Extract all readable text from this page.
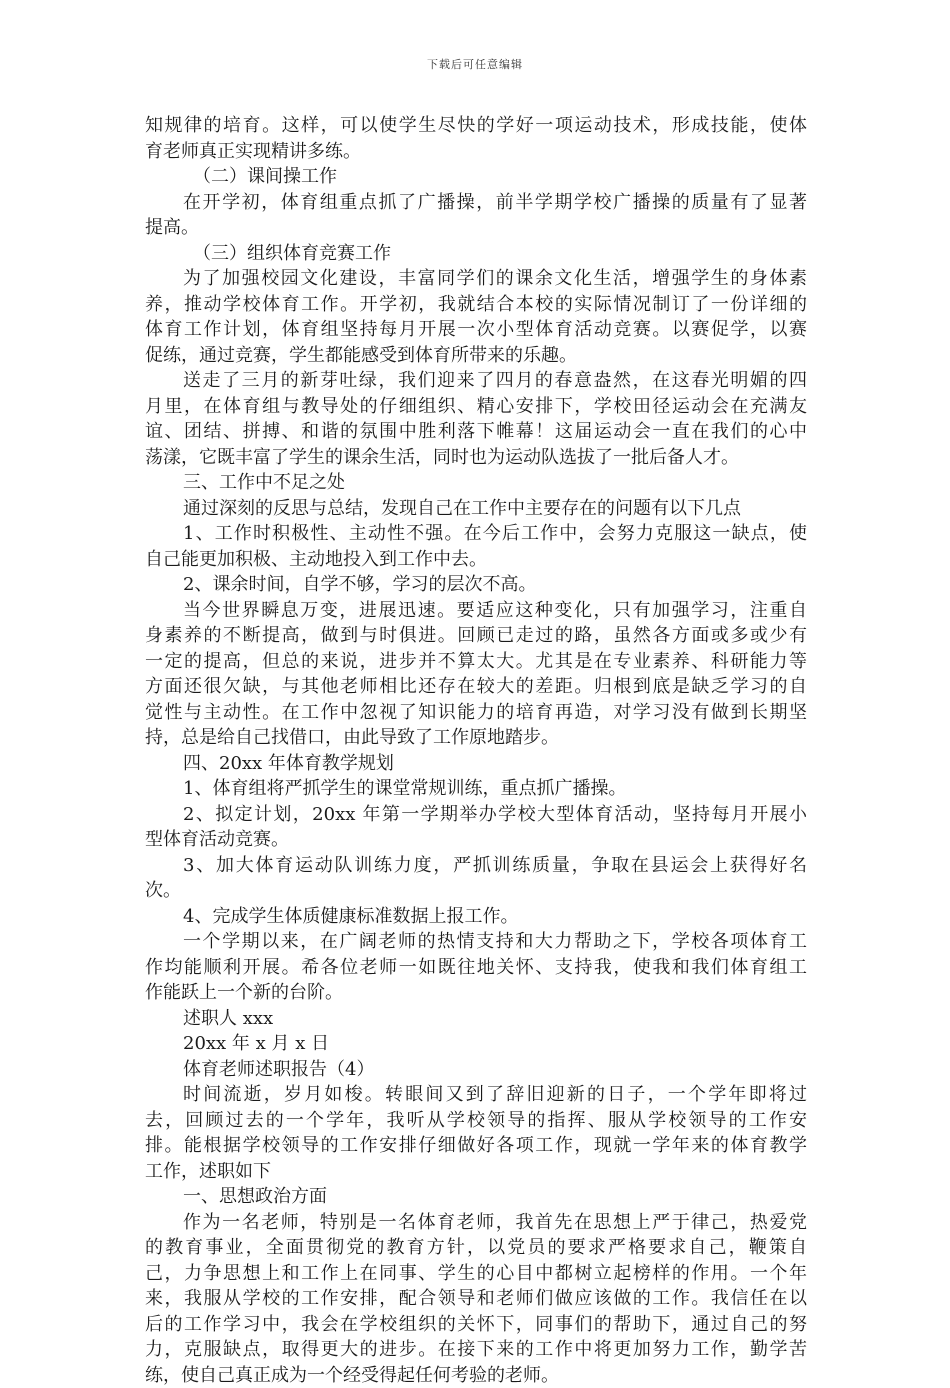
下载后可任意编辑
知规律的培育。这样，可以使学生尽快的学好一项运动技术，形成技能，使体
育老师真正实现精讲多练。
（二）课间操工作
在开学初，体育组重点抓了广播操，前半学期学校广播操的质量有了显著
提高。
（三）组织体育竞赛工作
为了加强校园文化建设，丰富同学们的课余文化生活，增强学生的身体素
养，推动学校体育工作。开学初，我就结合本校的实际情况制订了一份详细的
体育工作计划，体育组坚持每月开展一次小型体育活动竞赛。以赛促学，以赛
促练，通过竞赛，学生都能感受到体育所带来的乐趣。
送走了三月的新芽吐绿，我们迎来了四月的春意盎然，在这春光明媚的四
月里，在体育组与教导处的仔细组织、精心安排下，学校田径运动会在充满友
谊、团结、拼搏、和谐的氛围中胜利落下帷幕！这届运动会一直在我们的心中
荡漾，它既丰富了学生的课余生活，同时也为运动队选拔了一批后备人才。
三、工作中不足之处
通过深刻的反思与总结，发现自己在工作中主要存在的问题有以下几点
1、工作时积极性、主动性不强。在今后工作中，会努力克服这一缺点，使
自己能更加积极、主动地投入到工作中去。
2、课余时间，自学不够，学习的层次不高。
当今世界瞬息万变，进展迅速。要适应这种变化，只有加强学习，注重自
身素养的不断提高，做到与时俱进。回顾已走过的路，虽然各方面或多或少有
一定的提高，但总的来说，进步并不算太大。尤其是在专业素养、科研能力等
方面还很欠缺，与其他老师相比还存在较大的差距。归根到底是缺乏学习的自
觉性与主动性。在工作中忽视了知识能力的培育再造，对学习没有做到长期坚
持，总是给自己找借口，由此导致了工作原地踏步。
四、20xx 年体育教学规划
1、体育组将严抓学生的课堂常规训练，重点抓广播操。
2、拟定计划，20xx 年第一学期举办学校大型体育活动，坚持每月开展小
型体育活动竞赛。
3、加大体育运动队训练力度，严抓训练质量，争取在县运会上获得好名
次。
4、完成学生体质健康标准数据上报工作。
一个学期以来，在广阔老师的热情支持和大力帮助之下，学校各项体育工
作均能顺利开展。希各位老师一如既往地关怀、支持我，使我和我们体育组工
作能跃上一个新的台阶。
述职人 xxx
20xx 年 x 月 x 日
体育老师述职报告（4）
时间流逝，岁月如梭。转眼间又到了辞旧迎新的日子，一个学年即将过
去，回顾过去的一个学年，我听从学校领导的指挥、服从学校领导的工作安
排。能根据学校领导的工作安排仔细做好各项工作，现就一学年来的体育教学
工作，述职如下
一、思想政治方面
作为一名老师，特别是一名体育老师，我首先在思想上严于律己，热爱党
的教育事业，全面贯彻党的教育方针，以党员的要求严格要求自己，鞭策自
己，力争思想上和工作上在同事、学生的心目中都树立起榜样的作用。一个年
来，我服从学校的工作安排，配合领导和老师们做应该做的工作。我信任在以
后的工作学习中，我会在学校组织的关怀下，同事们的帮助下，通过自己的努
力，克服缺点，取得更大的进步。在接下来的工作中将更加努力工作，勤学苦
练，使自己真正成为一个经受得起任何考验的老师。
